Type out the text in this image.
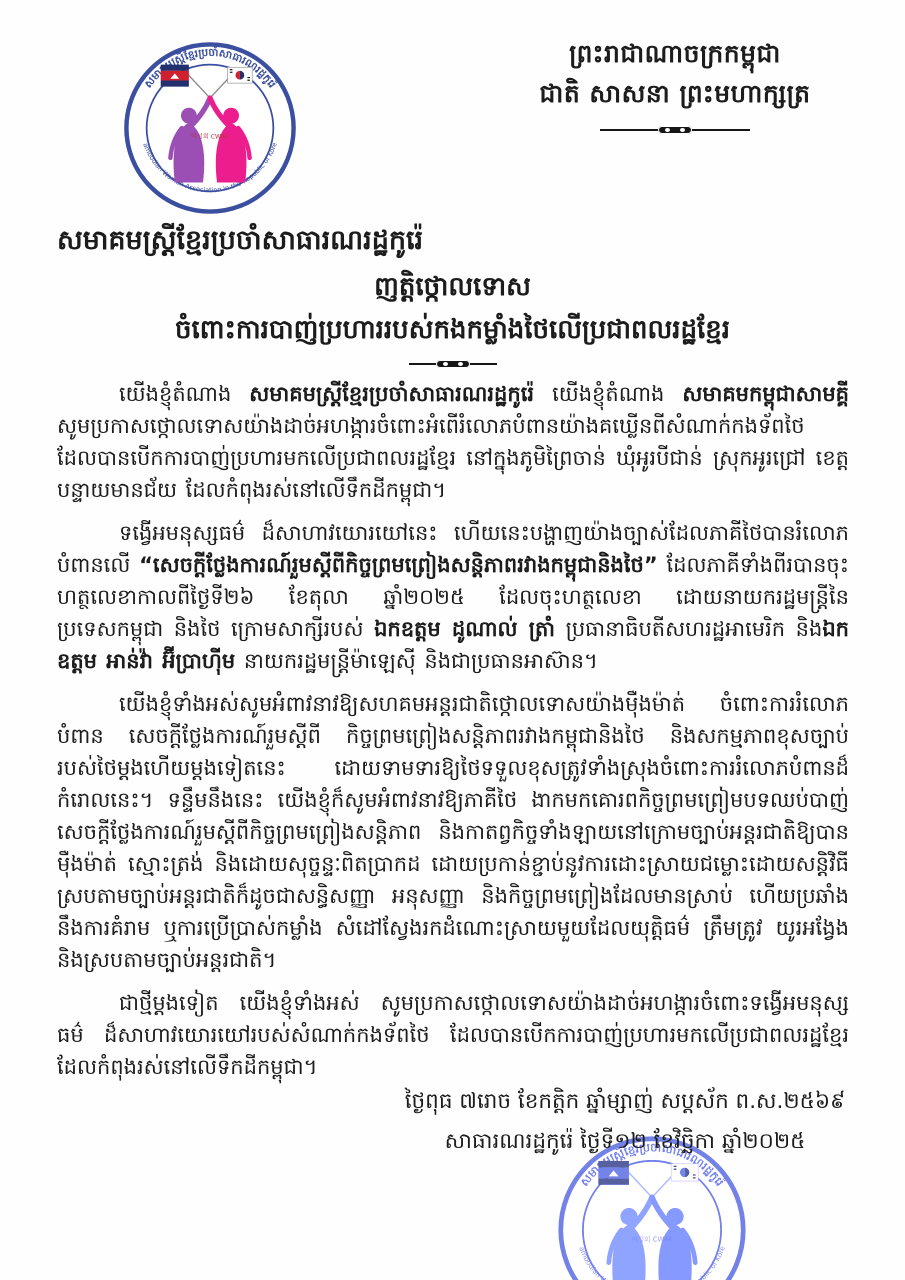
ព្រះរាជាណាចក្រកម្ពុជា
ជាតិ សាសនា ព្រះមហាក្សត្រ
សមាគមស្ត្រីខ្មែរប្រចាំសាធារណរដ្ឋកូរ៉េ
ញត្តិថ្កោលទោស
ចំពោះការបាញ់ប្រហាររបស់កងកម្លាំងថៃលើប្រជាពលរដ្ឋខ្មែរ

យើងខ្ញុំតំណាង សមាគមស្ត្រីខ្មែរប្រចាំសាធារណរដ្ឋកូរ៉េ យើងខ្ញុំតំណាង សមាគមកម្ពុជាសាមគ្គី សូមប្រកាសថ្កោលទោសយ៉ាងដាច់អហង្ការចំពោះអំពើរំលោភបំពានយ៉ាងគឃ្លើនពីសំណាក់កងទ័ពថៃ ដែលបានបើកការបាញ់ប្រហារមកលើប្រជាពលរដ្ឋខ្មែរ នៅក្នុងភូមិព្រៃចាន់ ឃុំអូរបីជាន់ ស្រុកអូរជ្រៅ ខេត្តបន្ទាយមានជ័យ ដែលកំពុងរស់នៅលើទឹកដីកម្ពុជា។

ទង្វើអមនុស្សធម៌ ដ៏សាហាវយោរយៅនេះ ហើយនេះបង្ហាញយ៉ាងច្បាស់ដែលភាគីថៃបានរំលោភបំពានលើ “សេចក្តីថ្លែងការណ៍រួមស្តីពីកិច្ចព្រមព្រៀងសន្តិភាពរវាងកម្ពុជានិងថៃ” ដែលភាគីទាំងពីរបានចុះហត្ថលេខាកាលពីថ្ងៃទី២៦ ខែតុលា ឆ្នាំ២០២៥ ដែលចុះហត្ថលេខា ដោយនាយករដ្ឋមន្ត្រីនៃប្រទេសកម្ពុជា និងថៃ ក្រោមសាក្សីរបស់ ឯកឧត្តម ដូណាល់ ត្រាំ ប្រធានាធិបតីសហរដ្ឋអាមេរិក និងឯកឧត្តម អាន់វ៉ា អ៊ីប្រាហ៊ីម នាយករដ្ឋមន្ត្រីម៉ាឡេស៊ី និងជាប្រធានអាស៊ាន។

យើងខ្ញុំទាំងអស់សូមអំពាវនាវឱ្យសហគមអន្តរជាតិថ្កោលទោសយ៉ាងម៉ឺងម៉ាត់ ចំពោះការរំលោភបំពាន សេចក្តីថ្លែងការណ៍រួមស្តីពី កិច្ចព្រមព្រៀងសន្តិភាពរវាងកម្ពុជានិងថៃ និងសកម្មភាពខុសច្បាប់របស់ថៃម្តងហើយម្តងទៀតនេះ ដោយទាមទារឱ្យថៃទទួលខុសត្រូវទាំងស្រុងចំពោះការរំលោភបំពានដ៏កំរោលនេះ។ ទន្ទឹមនឹងនេះ យើងខ្ញុំក៏សូមអំពាវនាវឱ្យភាគីថៃ ងាកមកគោរពកិច្ចព្រមព្រៀមបទឈប់បាញ់ សេចក្តីថ្លែងការណ៍រួមស្តីពីកិច្ចព្រមព្រៀងសន្តិភាព និងកាតព្វកិច្ចទាំងឡាយនៅក្រោមច្បាប់អន្តរជាតិឱ្យបានម៉ឺងម៉ាត់ ស្មោះត្រង់ និងដោយសុច្ចន្ទៈពិតប្រាកដ ដោយប្រកាន់ខ្ជាប់នូវការដោះស្រាយជម្លោះដោយសន្តិវិធី ស្របតាមច្បាប់អន្តរជាតិក៏ដូចជាសន្ធិសញ្ញា អនុសញ្ញា និងកិច្ចព្រមព្រៀងដែលមានស្រាប់ ហើយប្រឆាំងនឹងការគំរាម ឬការប្រើប្រាស់កម្លាំង សំដៅស្វែងរកដំណោះស្រាយមួយដែលយុត្តិធម៌ ត្រឹមត្រូវ យូរអង្វែង និងស្របតាមច្បាប់អន្តរជាតិ។

ជាថ្មីម្តងទៀត យើងខ្ញុំទាំងអស់ សូមប្រកាសថ្កោលទោសយ៉ាងដាច់អហង្ការចំពោះទង្វើអមនុស្សធម៌ ដ៏សាហាវយោរយៅរបស់សំណាក់កងទ័ពថៃ ដែលបានបើកការបាញ់ប្រហារមកលើប្រជាពលរដ្ឋខ្មែរដែលកំពុងរស់នៅលើទឹកដីកម្ពុជា។

ថ្ងៃពុធ ៧រោច ខែកត្តិក ឆ្នាំម្សាញ់ សប្តស័ក ព.ស.២៥៦៩
សាធារណរដ្ឋកូរ៉េ ថ្ងៃទី១២ ខែវិច្ឆិកា ឆ្នាំ២០២៥
